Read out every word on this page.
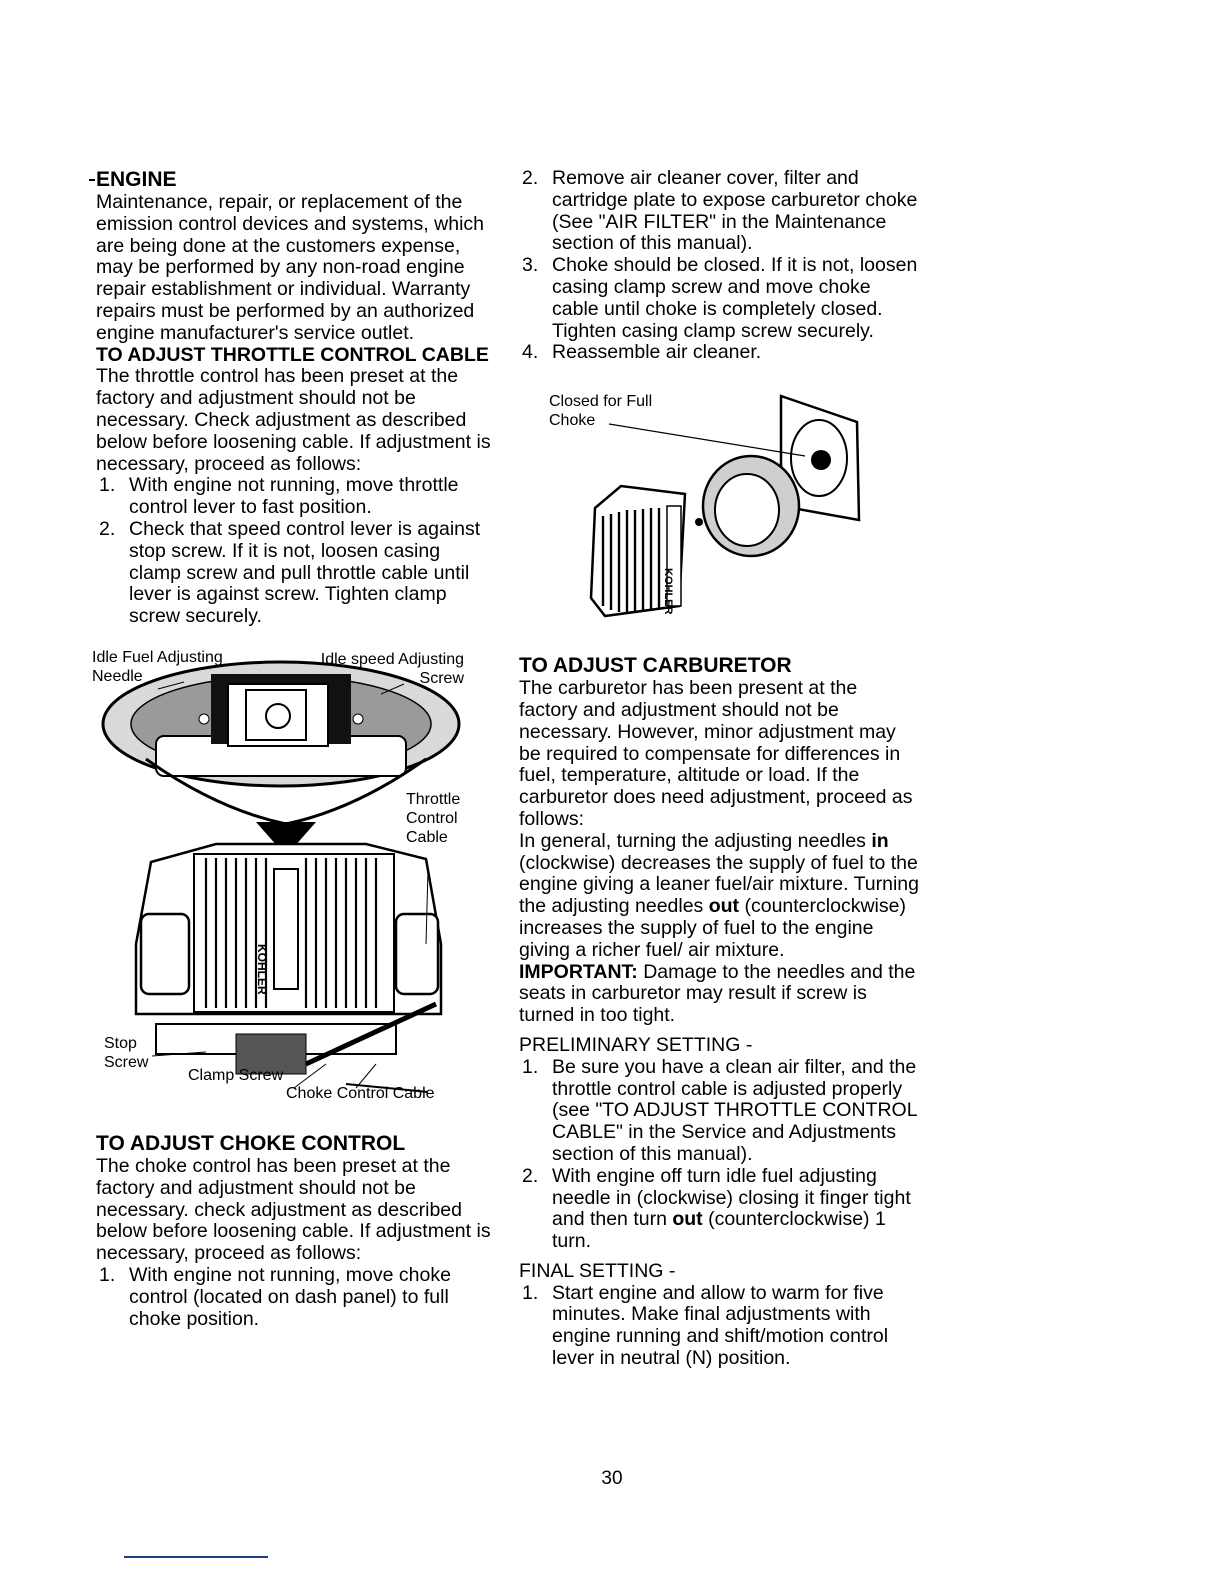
ENGINE

Maintenance, repair, or replacement of the emission control devices and systems, which are being done at the customers expense, may be performed by any non-road engine repair establishment or individual. Warranty repairs must be performed by an authorized engine manufacturer's service outlet.

TO ADJUST THROTTLE CONTROL CABLE

The throttle control has been preset at the factory and adjustment should not be necessary. Check adjustment as described below before loosening cable. If adjustment is necessary, proceed as follows:

1. With engine not running, move throttle control lever to fast position.
2. Check that speed control lever is against stop screw. If it is not, loosen casing clamp screw and pull throttle cable until lever is against screw. Tighten clamp screw securely.
Idle Fuel Adjusting Needle
Idle speed Adjusting Screw
Throttle Control Cable
Stop Screw
Clamp Screw
Choke Control Cable
KOHLER
TO ADJUST CHOKE CONTROL

The choke control has been preset at the factory and adjustment should not be necessary. check adjustment as described below before loosening cable. If adjustment is necessary, proceed as follows:

1. With engine not running, move choke control (located on dash panel) to full choke position.
2. Remove air cleaner cover, filter and cartridge plate to expose carburetor choke (See "AIR FILTER" in the Maintenance section of this manual).
3. Choke should be closed. If it is not, loosen casing clamp screw and move choke cable until choke is completely closed. Tighten casing clamp screw securely.
4. Reassemble air cleaner.
Closed for Full Choke
KOHLER
TO ADJUST CARBURETOR

The carburetor has been present at the factory and adjustment should not be necessary. However, minor adjustment may be required to compensate for differences in fuel, temperature, altitude or load. If the carburetor does need adjustment, proceed as follows:

In general, turning the adjusting needles in (clockwise) decreases the supply of fuel to the engine giving a leaner fuel/air mixture. Turning the adjusting needles out (counterclockwise) increases the supply of fuel to the engine giving a richer fuel/ air mixture.

IMPORTANT: Damage to the needles and the seats in carburetor may result if screw is turned in too tight.

PRELIMINARY SETTING -

1. Be sure you have a clean air filter, and the throttle control cable is adjusted properly (see "TO ADJUST THROTTLE CONTROL CABLE" in the Service and Adjustments section of this manual).
2. With engine off turn idle fuel adjusting needle in (clockwise) closing it finger tight and then turn out (counterclockwise) 1 turn.

FINAL SETTING -

1. Start engine and allow to warm for five minutes. Make final adjustments with engine running and shift/motion control lever in neutral (N) position.
30
